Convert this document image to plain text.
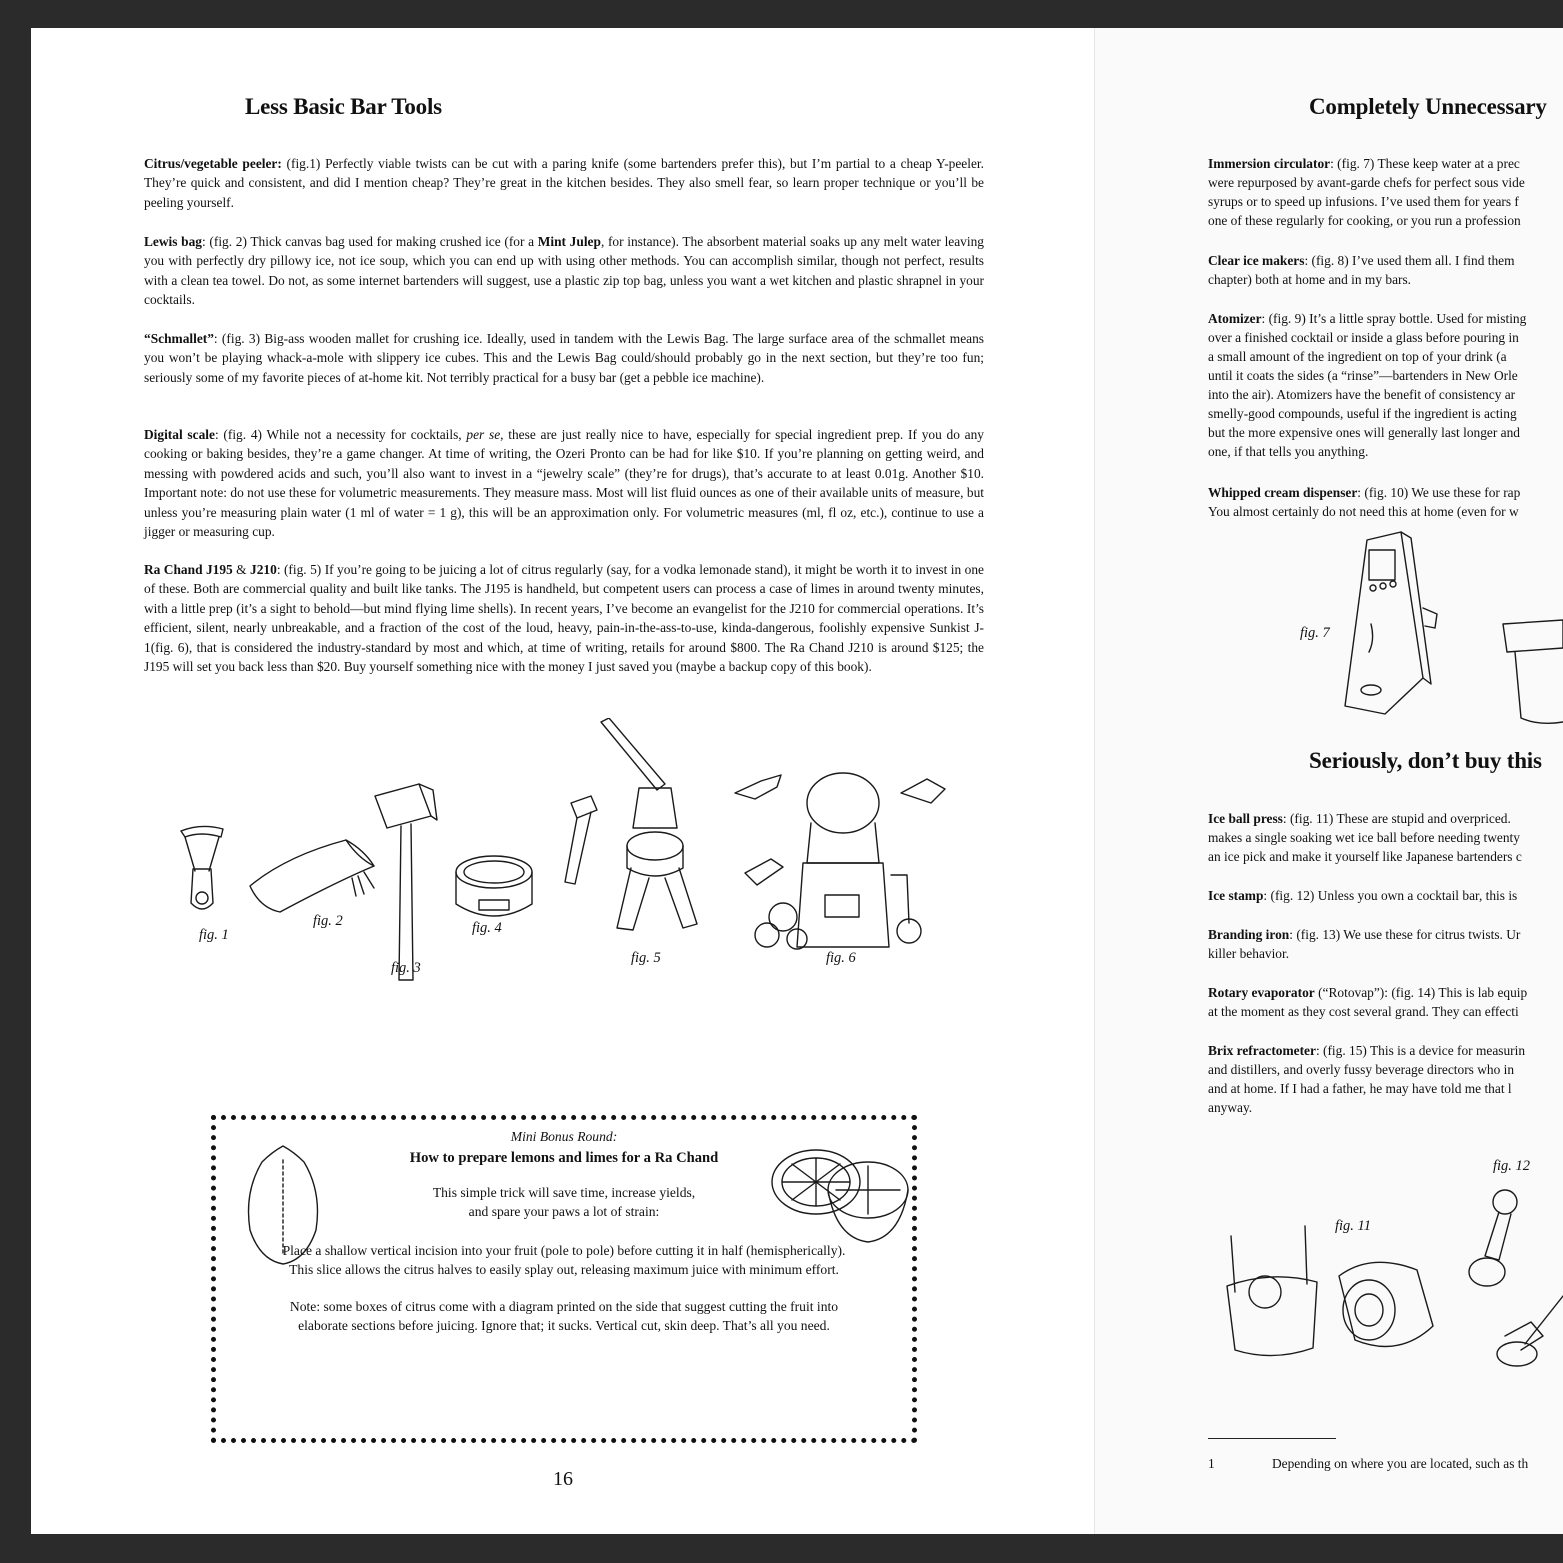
Less Basic Bar Tools

Citrus/vegetable peeler: (fig.1) Perfectly viable twists can be cut with a paring knife (some bartenders prefer this), but I’m partial to a cheap Y-peeler. They’re quick and consistent, and did I mention cheap? They’re great in the kitchen besides. They also smell fear, so learn proper technique or you’ll be peeling yourself.

Lewis bag: (fig. 2) Thick canvas bag used for making crushed ice (for a Mint Julep, for instance). The absorbent material soaks up any melt water leaving you with perfectly dry pillowy ice, not ice soup, which you can end up with using other methods. You can accomplish similar, though not perfect, results with a clean tea towel. Do not, as some internet bartenders will suggest, use a plastic zip top bag, unless you want a wet kitchen and plastic shrapnel in your cocktails.

“Schmallet”: (fig. 3) Big-ass wooden mallet for crushing ice. Ideally, used in tandem with the Lewis Bag. The large surface area of the schmallet means you won’t be playing whack-a-mole with slippery ice cubes. This and the Lewis Bag could/should probably go in the next section, but they’re too fun; seriously some of my favorite pieces of at-home kit. Not terribly practical for a busy bar (get a pebble ice machine).

Digital scale: (fig. 4) While not a necessity for cocktails, per se, these are just really nice to have, especially for special ingredient prep. If you do any cooking or baking besides, they’re a game changer. At time of writing, the Ozeri Pronto can be had for like $10. If you’re planning on getting weird, and messing with powdered acids and such, you’ll also want to invest in a “jewelry scale” (they’re for drugs), that’s accurate to at least 0.01g. Another $10. Important note: do not use these for volumetric measurements. They measure mass. Most will list fluid ounces as one of their available units of measure, but unless you’re measuring plain water (1 ml of water = 1 g), this will be an approximation only. For volumetric measures (ml, fl oz, etc.), continue to use a jigger or measuring cup.

Ra Chand J195 & J210: (fig. 5) If you’re going to be juicing a lot of citrus regularly (say, for a vodka lemonade stand), it might be worth it to invest in one of these. Both are commercial quality and built like tanks. The J195 is handheld, but competent users can process a case of limes in around twenty minutes, with a little prep (it’s a sight to behold—but mind flying lime shells). In recent years, I’ve become an evangelist for the J210 for commercial operations. It’s efficient, silent, nearly unbreakable, and a fraction of the cost of the loud, heavy, pain-in-the-ass-to-use, kinda-dangerous, foolishly expensive Sunkist J-1(fig. 6), that is considered the industry-standard by most and which, at time of writing, retails for around $800. The Ra Chand J210 is around $125; the J195 will set you back less than $20. Buy yourself something nice with the money I just saved you (maybe a backup copy of this book).

fig. 1
fig. 2
fig. 3
fig. 4
fig. 5	fig. 6
Mini Bonus Round:
How to prepare lemons and limes for a Ra Chand
This simple trick will save time, increase yields,
and spare your paws a lot of strain:
Place a shallow vertical incision into your fruit (pole to pole) before cutting it in half (hemispherically).
This slice allows the citrus halves to easily splay out, releasing maximum juice with minimum effort.
Note: some boxes of citrus come with a diagram printed on the side that suggest cutting the fruit into
elaborate sections before juicing. Ignore that; it sucks. Vertical cut, skin deep. That’s all you need.
16
Completely Unnecessary

Immersion circulator: (fig. 7) These keep water at a prec

were repurposed by avant-garde chefs for perfect sous vide

syrups or to speed up infusions. I’ve used them for years f

one of these regularly for cooking, or you run a profession

Clear ice makers: (fig. 8) I’ve used them all. I find them

chapter) both at home and in my bars.

Atomizer: (fig. 9) It’s a little spray bottle. Used for misting

over a finished cocktail or inside a glass before pouring in

a small amount of the ingredient on top of your drink (a

until it coats the sides (a “rinse”—bartenders in New Orle

into the air). Atomizers have the benefit of consistency ar

smelly-good compounds, useful if the ingredient is acting

but the more expensive ones will generally last longer and

one, if that tells you anything.

Whipped cream dispenser: (fig. 10) We use these for rap

You almost certainly do not need this at home (even for w

fig. 7
Seriously, don’t buy this

Ice ball press: (fig. 11) These are stupid and overpriced.

makes a single soaking wet ice ball before needing twenty

an ice pick and make it yourself like Japanese bartenders c

Ice stamp: (fig. 12) Unless you own a cocktail bar, this is

Branding iron: (fig. 13) We use these for citrus twists. Ur

killer behavior.

Rotary evaporator (“Rotovap”): (fig. 14) This is lab equip

at the moment as they cost several grand. They can effecti

Brix refractometer: (fig. 15) This is a device for measurin

and distillers, and overly fussy beverage directors who in

and at home. If I had a father, he may have told me that l

anyway.

fig. 12
fig. 11
1	Depending on where you are located, such as th
